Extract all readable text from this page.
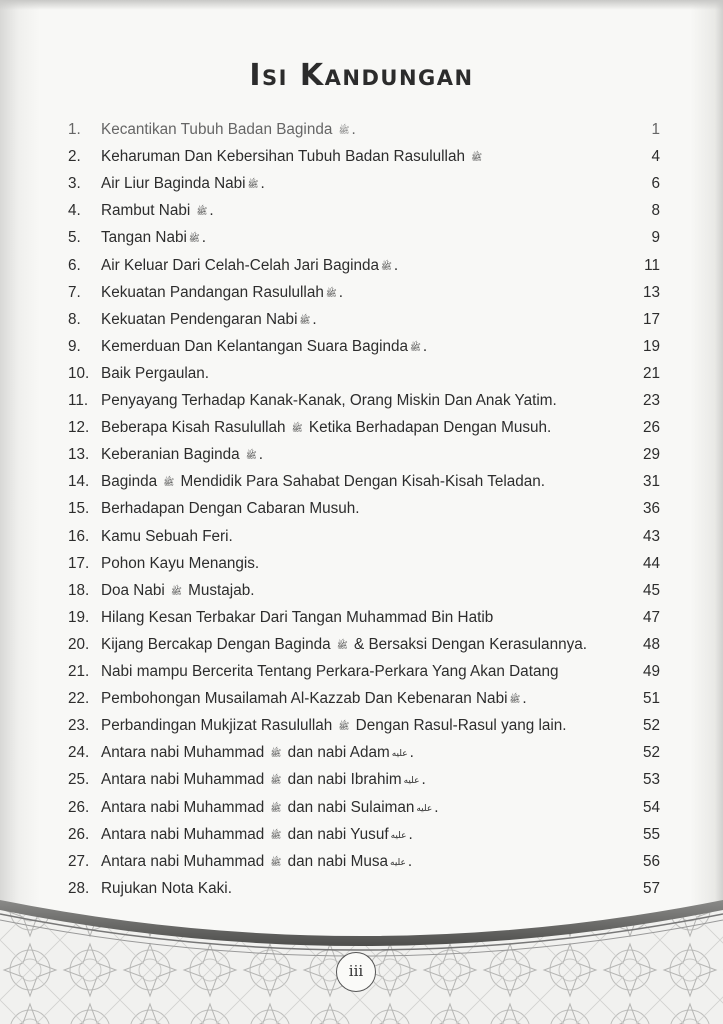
Isi Kandungan
1. Kecantikan Tubuh Badan Baginda ﷺ .	1
2. Keharuman Dan Kebersihan Tubuh Badan Rasulullah ﷺ	4
3. Air Liur Baginda Nabi ﷺ .	6
4. Rambut Nabi ﷺ .	8
5. Tangan Nabi ﷺ .	9
6. Air Keluar Dari Celah-Celah Jari Baginda ﷺ .	11
7. Kekuatan Pandangan Rasulullah ﷺ .	13
8. Kekuatan Pendengaran Nabi ﷺ .	17
9. Kemerduan Dan Kelantangan Suara Baginda ﷺ .	19
10. Baik Pergaulan.	21
11. Penyayang Terhadap Kanak-Kanak, Orang Miskin Dan Anak Yatim.	23
12. Beberapa Kisah Rasulullah ﷺ Ketika Berhadapan Dengan Musuh.	26
13. Keberanian Baginda ﷺ .	29
14. Baginda ﷺ Mendidik Para Sahabat Dengan Kisah-Kisah Teladan.	31
15. Berhadapan Dengan Cabaran Musuh.	36
16. Kamu Sebuah Feri.	43
17. Pohon Kayu Menangis.	44
18. Doa Nabi ﷺ Mustajab.	45
19. Hilang Kesan Terbakar Dari Tangan Muhammad Bin Hatib	47
20. Kijang Bercakap Dengan Baginda ﷺ & Bersaksi Dengan Kerasulannya.	48
21. Nabi mampu Bercerita Tentang Perkara-Perkara Yang Akan Datang	49
22. Pembohongan Musailamah Al-Kazzab Dan Kebenaran Nabi ﷺ .	51
23. Perbandingan Mukjizat Rasulullah ﷺ Dengan Rasul-Rasul yang lain.	52
24. Antara nabi Muhammad ﷺ dan nabi Adam عليه .	52
25. Antara nabi Muhammad ﷺ dan nabi Ibrahim عليه .	53
26. Antara nabi Muhammad ﷺ dan nabi Sulaiman عليه .	54
26. Antara nabi Muhammad ﷺ dan nabi Yusuf عليه .	55
27. Antara nabi Muhammad ﷺ dan nabi Musa عليه .	56
28. Rujukan Nota Kaki.	57
iii
